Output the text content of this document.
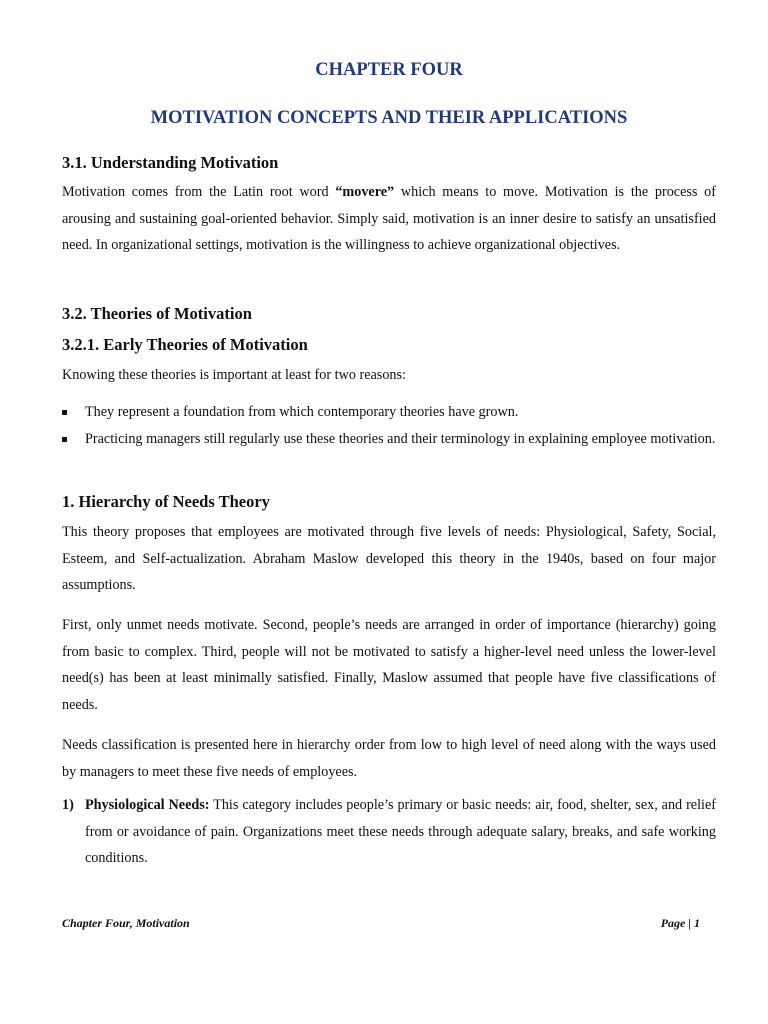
CHAPTER FOUR
MOTIVATION CONCEPTS AND THEIR APPLICATIONS
3.1. Understanding Motivation

Motivation comes from the Latin root word “movere” which means to move. Motivation is the process of arousing and sustaining goal-oriented behavior. Simply said, motivation is an inner desire to satisfy an unsatisfied need. In organizational settings, motivation is the willingness to achieve organizational objectives.

3.2. Theories of Motivation
3.2.1. Early Theories of Motivation

Knowing these theories is important at least for two reasons:

They represent a foundation from which contemporary theories have grown.
Practicing managers still regularly use these theories and their terminology in explaining employee motivation.
1. Hierarchy of Needs Theory

This theory proposes that employees are motivated through five levels of needs: Physiological, Safety, Social, Esteem, and Self-actualization. Abraham Maslow developed this theory in the 1940s, based on four major assumptions.

First, only unmet needs motivate. Second, people’s needs are arranged in order of importance (hierarchy) going from basic to complex. Third, people will not be motivated to satisfy a higher-level need unless the lower-level need(s) has been at least minimally satisfied. Finally, Maslow assumed that people have five classifications of needs.

Needs classification is presented here in hierarchy order from low to high level of need along with the ways used by managers to meet these five needs of employees.

1) Physiological Needs: This category includes people’s primary or basic needs: air, food, shelter, sex, and relief from or avoidance of pain. Organizations meet these needs through adequate salary, breaks, and safe working conditions.
Chapter Four, Motivation	Page | 1
